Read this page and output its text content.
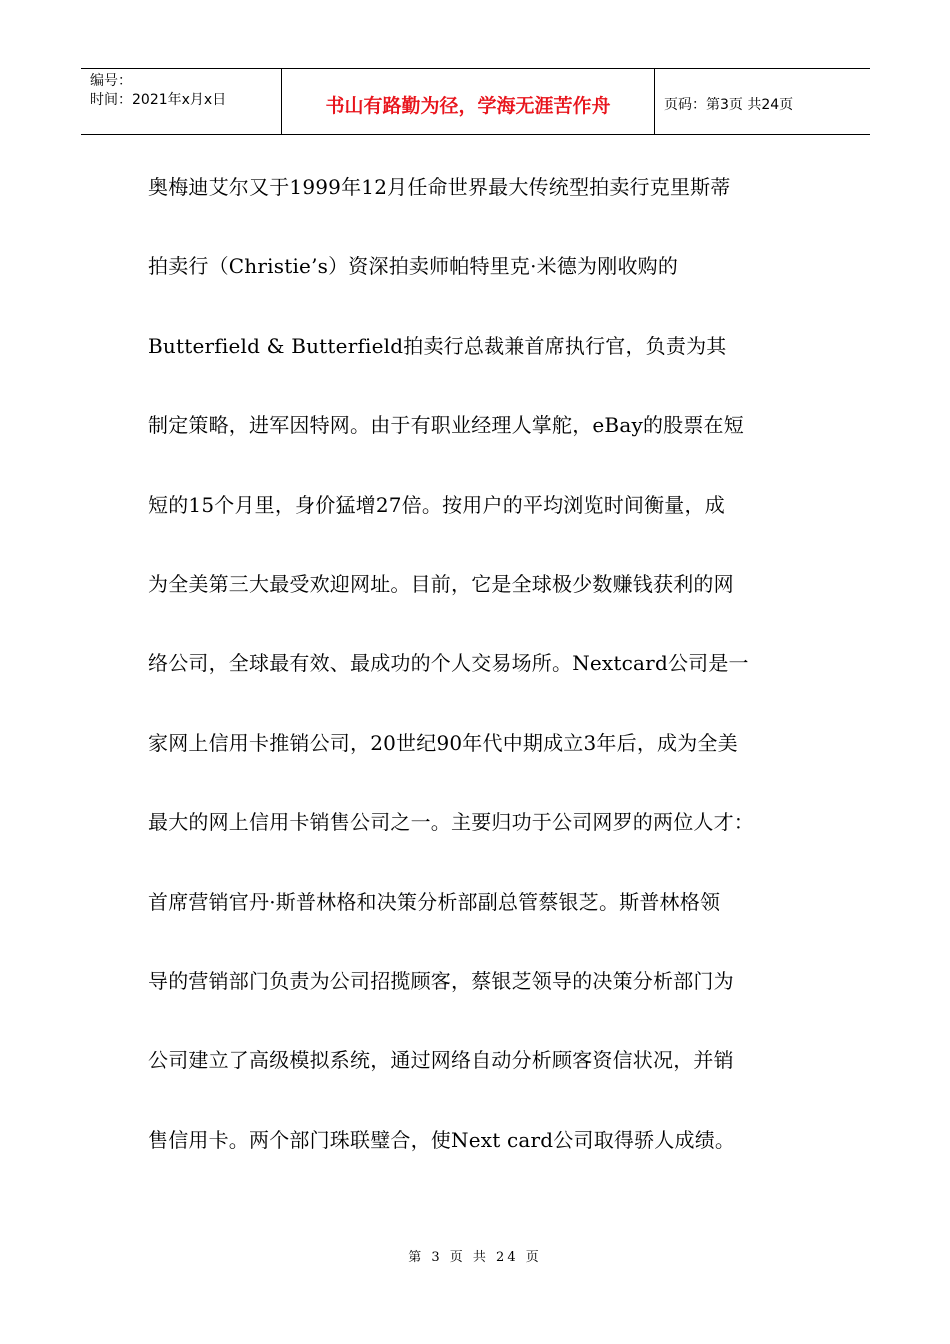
编号：
时间：2021年x月x日	书山有路勤为径，学海无涯苦作舟	页码：第3页 共24页
奥梅迪艾尔又于1999年12月任命世界最大传统型拍卖行克里斯蒂
拍卖行（Christie’s）资深拍卖师帕特里克·米德为刚收购的
Butterfield & Butterfield拍卖行总裁兼首席执行官，负责为其
制定策略，进军因特网。由于有职业经理人掌舵，eBay的股票在短
短的15个月里，身价猛增27倍。按用户的平均浏览时间衡量，成
为全美第三大最受欢迎网址。目前，它是全球极少数赚钱获利的网
络公司，全球最有效、最成功的个人交易场所。Nextcard公司是一
家网上信用卡推销公司，20世纪90年代中期成立3年后，成为全美
最大的网上信用卡销售公司之一。主要归功于公司网罗的两位人才：
首席营销官丹·斯普林格和决策分析部副总管蔡银芝。斯普林格领
导的营销部门负责为公司招揽顾客，蔡银芝领导的决策分析部门为
公司建立了高级模拟系统，通过网络自动分析顾客资信状况，并销
售信用卡。两个部门珠联璧合，使Next card公司取得骄人成绩。
第 3 页 共 24 页
